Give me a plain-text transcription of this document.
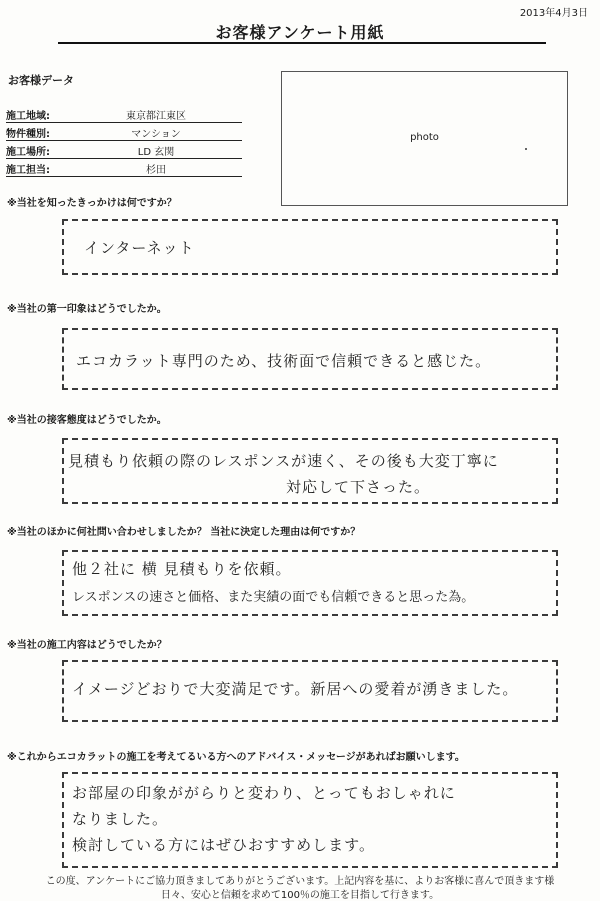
2013年4月3日
お客様アンケート用紙
お客様データ
施工地域:	東京都江東区
物件種別:	マンション
施工場所:	LD 玄関
施工担当:	杉田
photo
※当社を知ったきっかけは何ですか？
インターネット
※当社の第一印象はどうでしたか。
エコカラット専門のため、技術面で信頼できると感じた。
※当社の接客態度はどうでしたか。
見積もり依頼の際のレスポンスが速く、その後も大変丁寧に
対応して下さった。
※当社のほかに何社問い合わせしましたか？ 当社に決定した理由は何ですか？
他２社に 横 見積もりを依頼。
レスポンスの速さと価格、また実績の面でも信頼できると思った為。
※当社の施工内容はどうでしたか？
イメージどおりで大変満足です。新居への愛着が湧きました。
※これからエコカラットの施工を考えてるいる方へのアドバイス・メッセージがあればお願いします。
お部屋の印象ががらりと変わり、とってもおしゃれに
なりました。
検討している方にはぜひおすすめします。
この度、アンケートにご協力頂きましてありがとうございます。上記内容を基に、よりお客様に喜んで頂きます様
日々、安心と信頼を求めて100％の施工を目指して行きます。
